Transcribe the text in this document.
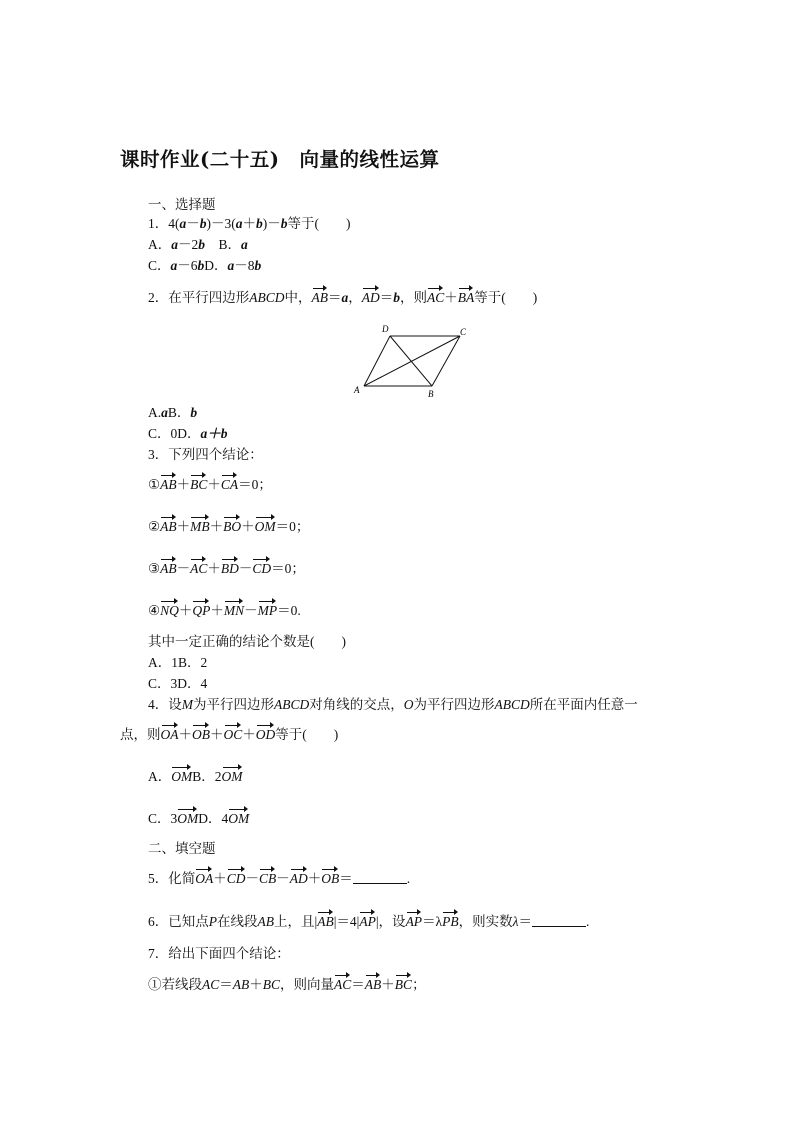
课时作业(二十五)　向量的线性运算
一、选择题
1．4(a－b)－3(a＋b)－b等于(　　)
A．a－2b　B．a
C．a－6bD．a－8b
2．在平行四边形ABCD中，AB＝a，AD＝b，则AC＋BA等于(　　)
A	B
C
D
A.aB．b
C．0D．a＋b
3．下列四个结论：
①AB＋BC＋CA＝0；
②AB＋MB＋BO＋OM＝0；
③AB－AC＋BD－CD＝0；
④NQ＋QP＋MN－MP＝0.
其中一定正确的结论个数是(　　)
A．1B．2
C．3D．4
4．设M为平行四边形ABCD对角线的交点，O为平行四边形ABCD所在平面内任意一
点，则OA＋OB＋OC＋OD等于(　　)
A．OMB．2OM
C．3OMD．4OM
二、填空题
5．化简OA＋CD－CB－AD＋OB＝	.
6．已知点P在线段AB上，且|AB|＝4|AP|，设AP＝λPB，则实数λ＝	.
7．给出下面四个结论：
①若线段AC＝AB＋BC，则向量AC＝AB＋BC；
